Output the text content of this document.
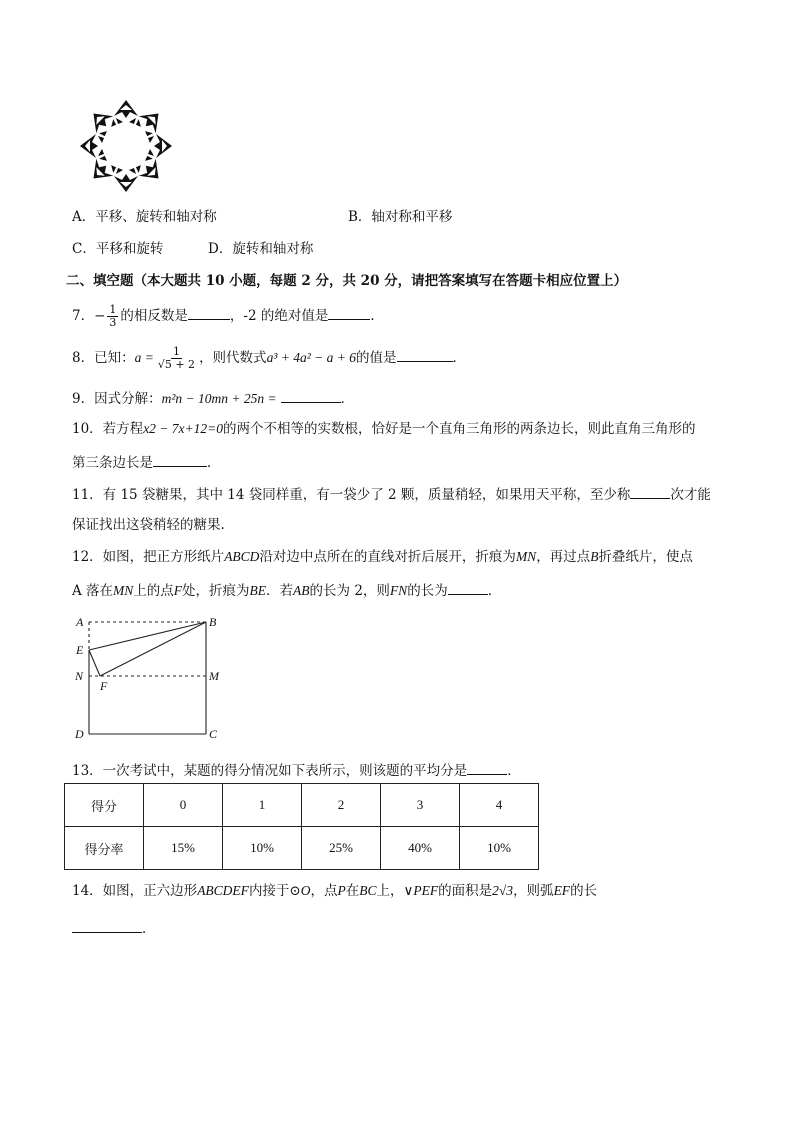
A．平移、旋转和轴对称	B．轴对称和平移
C．平移和旋转	D．旋转和轴对称
二、填空题（本大题共 10 小题，每题 2 分，共 20 分，请把答案填写在答题卡相应位置上）
7．− $\frac{1}{3}$ 的相反数是	，-2 的绝对值是	．
8．已知：$a = \frac{1}{√5 + 2}$ ，则代数式a³ + 4a² − a + 6的值是	．
9．因式分解：m²n − 10mn + 25n =	．
10．若方程x2 − 7x+12=0的两个不相等的实数根，恰好是一个直角三角形的两条边长，则此直角三角形的
第三条边长是	．
11．有 15 袋糖果，其中 14 袋同样重，有一袋少了 2 颗，质量稍轻，如果用天平称，至少称	次才能
保证找出这袋稍轻的糖果.
12．如图，把正方形纸片ABCD沿对边中点所在的直线对折后展开，折痕为MN，再过点B折叠纸片，使点
A 落在MN上的点F处，折痕为BE．若AB的长为 2，则FN的长为	．
A	B
E
N
F
M
D	C
13．一次考试中，某题的得分情况如下表所示，则该题的平均分是	．
得分	0	1	2	3	4
得分率	15%	10%	25%	40%	10%
14．如图，正六边形ABCDEF内接于⊙O，点P在BC上，∨PEF的面积是2√3，则弧EF的长
．
